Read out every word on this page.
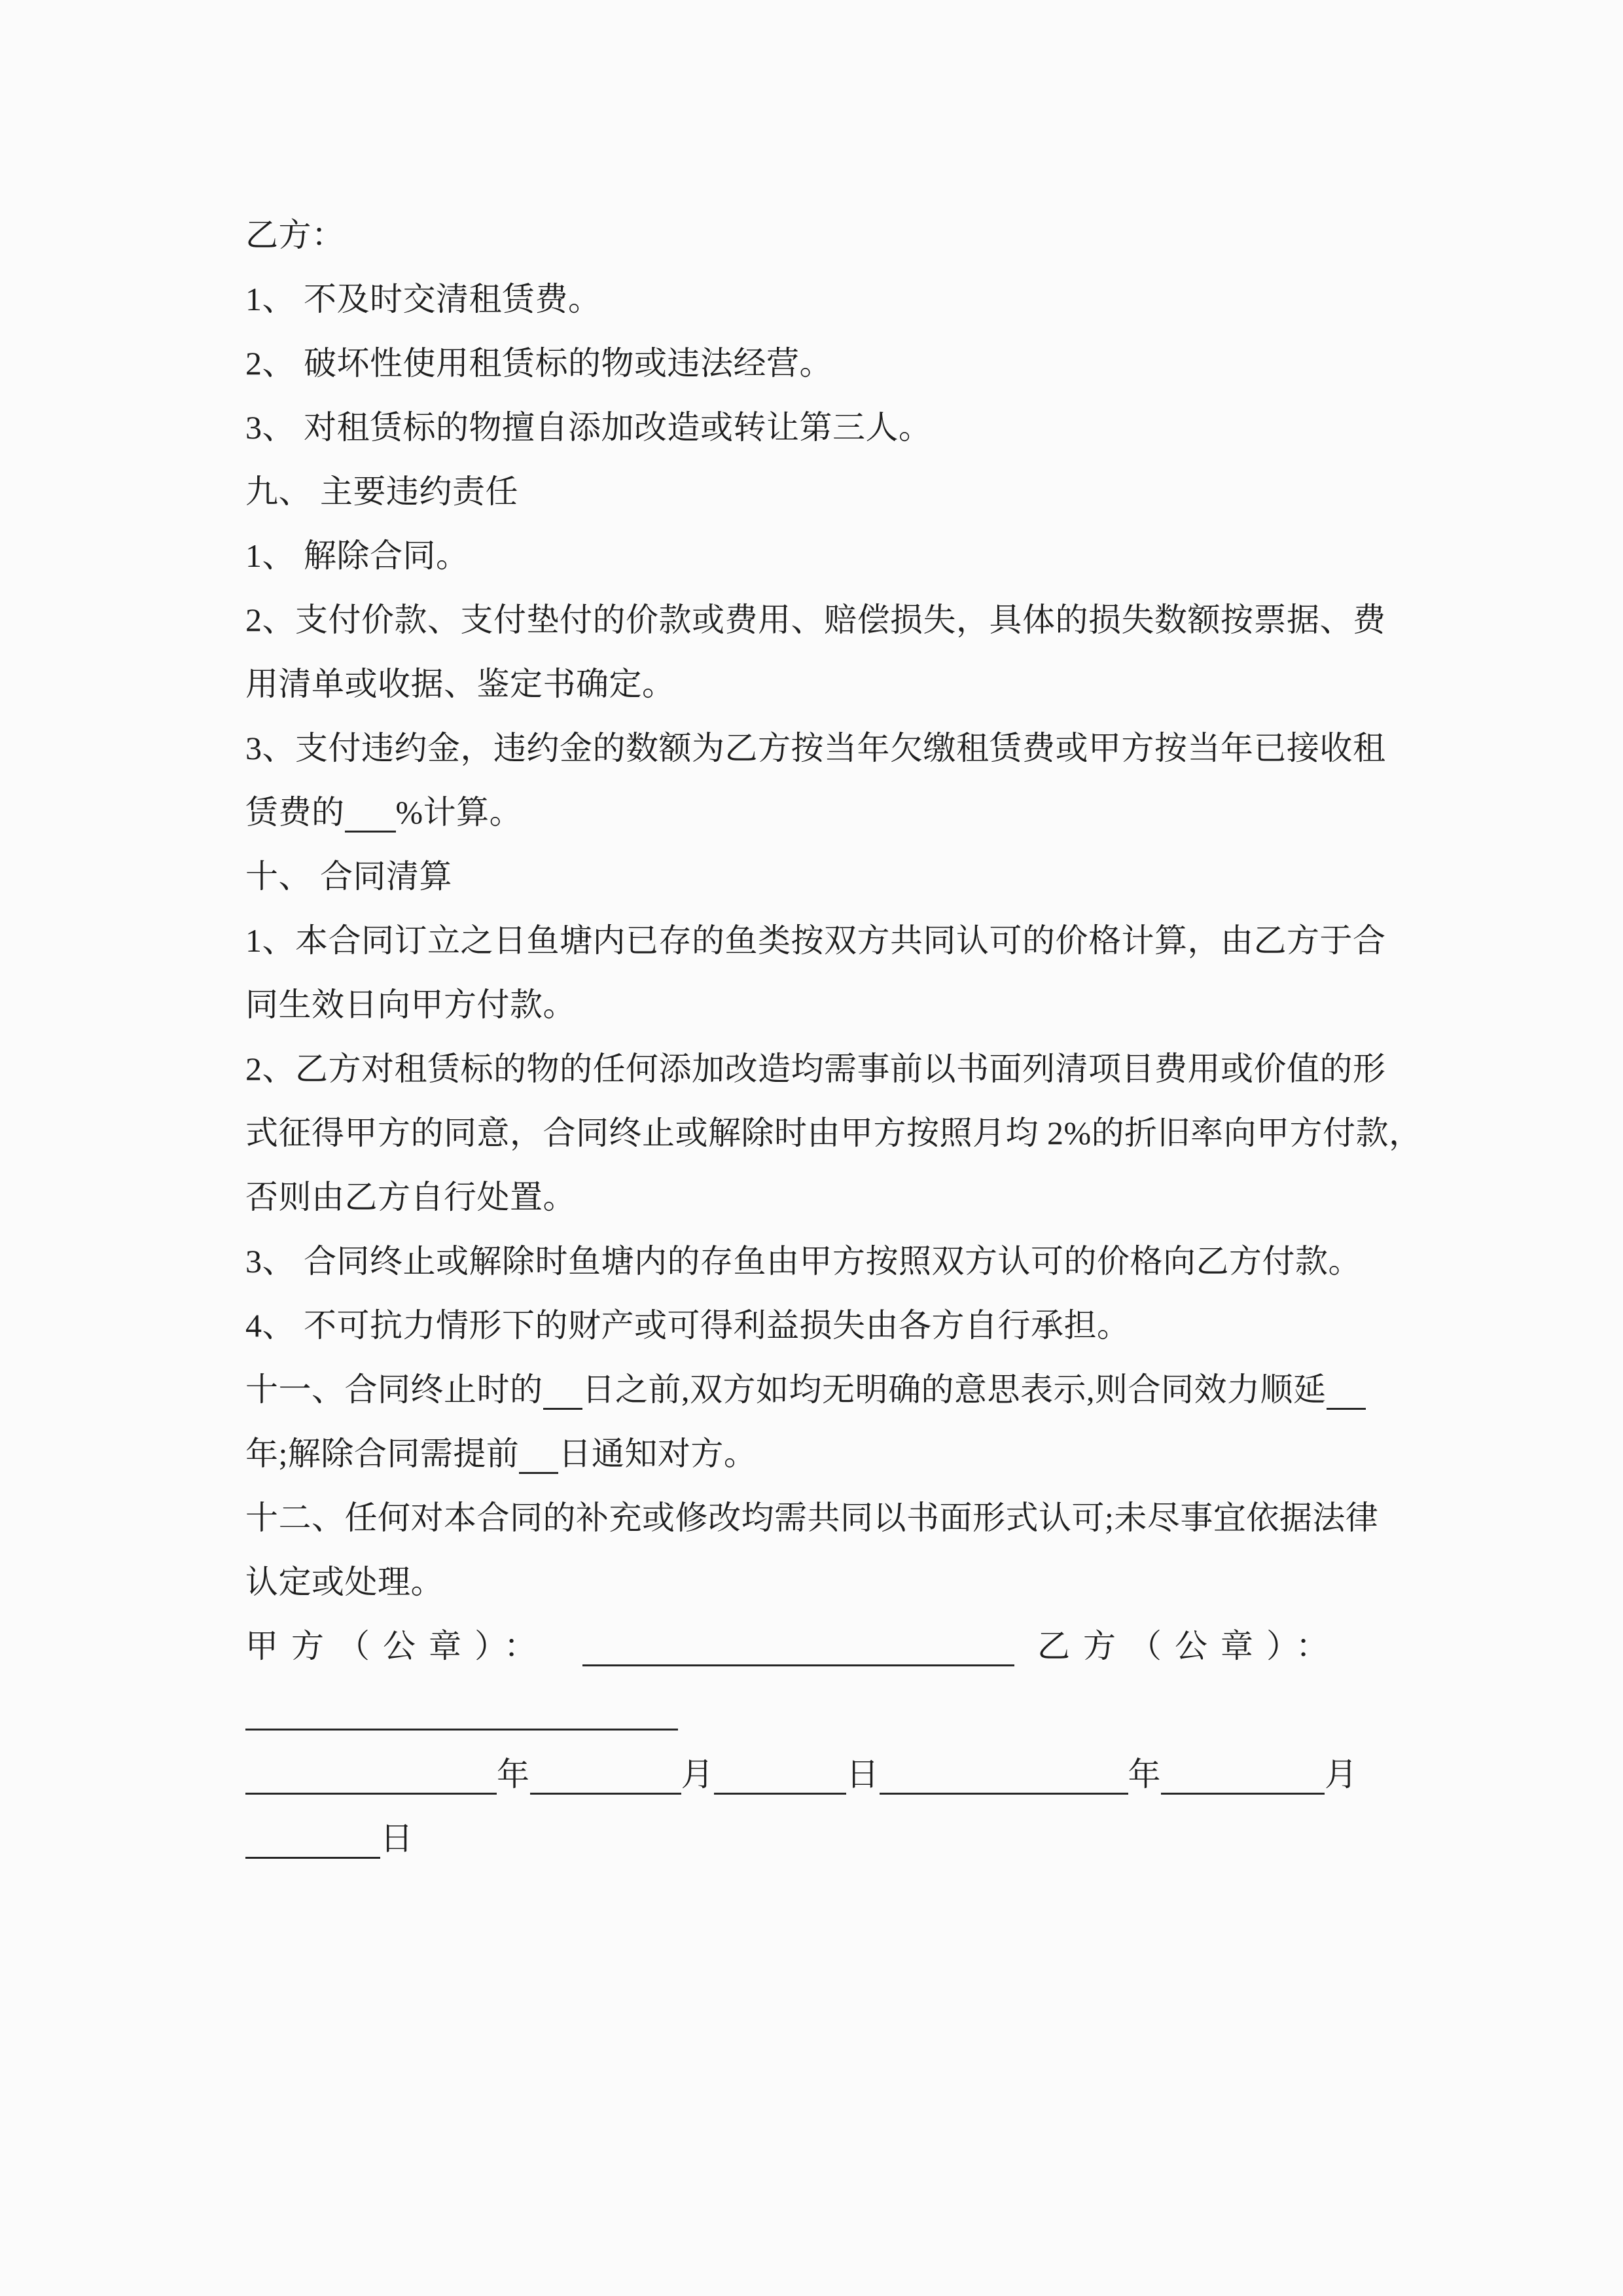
乙方：
1、 不及时交清租赁费。
2、 破坏性使用租赁标的物或违法经营。
3、 对租赁标的物擅自添加改造或转让第三人。
九、 主要违约责任
1、 解除合同。
2、支付价款、支付垫付的价款或费用、赔偿损失，具体的损失数额按票据、费
用清单或收据、鉴定书确定。
3、支付违约金，违约金的数额为乙方按当年欠缴租赁费或甲方按当年已接收租
赁费的 %计算。
十、 合同清算
1、本合同订立之日鱼塘内已存的鱼类按双方共同认可的价格计算，由乙方于合
同生效日向甲方付款。
2、乙方对租赁标的物的任何添加改造均需事前以书面列清项目费用或价值的形
式征得甲方的同意，合同终止或解除时由甲方按照月均 2%的折旧率向甲方付款，
否则由乙方自行处置。
3、 合同终止或解除时鱼塘内的存鱼由甲方按照双方认可的价格向乙方付款。
4、 不可抗力情形下的财产或可得利益损失由各方自行承担。
十一、合同终止时的 日之前,双方如均无明确的意思表示,则合同效力顺延
年;解除合同需提前 日通知对方。
十二、任何对本合同的补充或修改均需共同以书面形式认可;未尽事宜依据法律
认定或处理。
甲方（公章）：	乙方（公章）：
年	月	日	年	月
日
